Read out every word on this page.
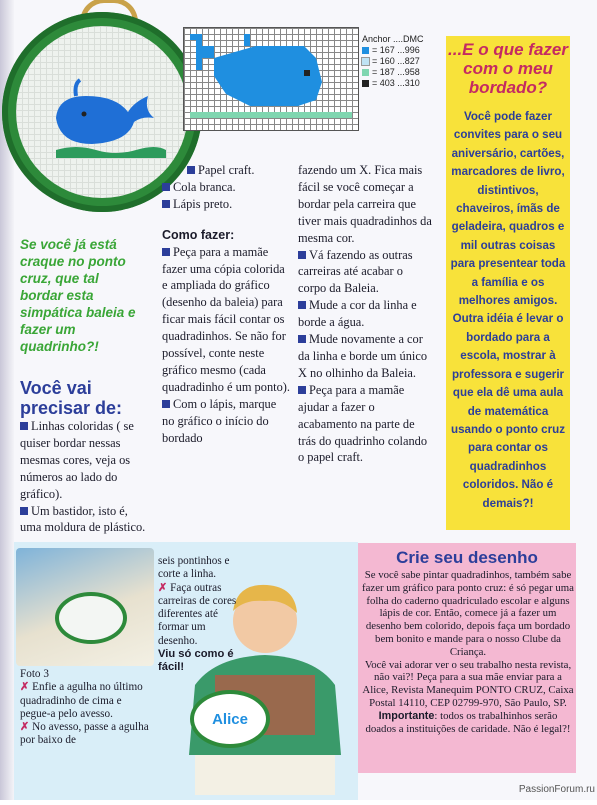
Anchor ....DMC
= 167 ...996
= 160 ...827
= 187 ...958
= 403 ...310
...E o que fazer com o meu bordado?
Você pode fazer convites para o seu aniversário, cartões, marcadores de livro, distintivos, chaveiros, ímãs de geladeira, quadros e mil outras coisas para presentear toda a família e os melhores amigos. Outra idéia é levar o bordado para a escola, mostrar à professora e sugerir que ela dê uma aula de matemática usando o ponto cruz para contar os quadradinhos coloridos. Não é demais?!
Se você já está craque no ponto cruz, que tal bordar esta simpática baleia e fazer um quadrinho?!
Você vai precisar de:
Linhas coloridas ( se quiser bordar nessas mesmas cores, veja os números ao lado do gráfico).
Um bastidor, isto é, uma moldura de plástico.
Papel craft.
Cola branca.
Lápis preto.
Como fazer:
Peça para a mamãe fazer uma cópia colorida e ampliada do gráfico (desenho da baleia) para ficar mais fácil contar os quadradinhos. Se não for possível, conte neste gráfico mesmo (cada quadradinho é um ponto).
Com o lápis, marque no gráfico o início do bordado
fazendo um X. Fica mais fácil se você começar a bordar pela carreira que tiver mais quadradinhos da mesma cor.
Vá fazendo as outras carreiras até acabar o corpo da Baleia.
Mude a cor da linha e borde a água.
Mude novamente a cor da linha e borde um único X no olhinho da Baleia.
Peça para a mamãe ajudar a fazer o acabamento na parte de trás do quadrinho colando o papel craft.
Alice
Foto 3
✗ Enfie a agulha no último quadradinho de cima e pegue-a pelo avesso.
✗ No avesso, passe a agulha por baixo de
seis pontinhos e corte a linha.
✗ Faça outras carreiras de cores diferentes até formar um desenho.
Viu só como é fácil!
Crie seu desenho
Se você sabe pintar quadradinhos, também sabe fazer um gráfico para ponto cruz: é só pegar uma folha do caderno quadriculado escolar e alguns lápis de cor. Então, comece já a fazer um desenho bem colorido, depois faça um bordado bem bonito e mande para o nosso Clube da Criança.
Você vai adorar ver o seu trabalho nesta revista, não vai?! Peça para a sua mãe enviar para a Alice, Revista Manequim PONTO CRUZ, Caixa Postal 14110, CEP 02799-970, São Paulo, SP. Importante: todos os trabalhinhos serão doados a instituições de caridade. Não é legal?!
PassionForum.ru
